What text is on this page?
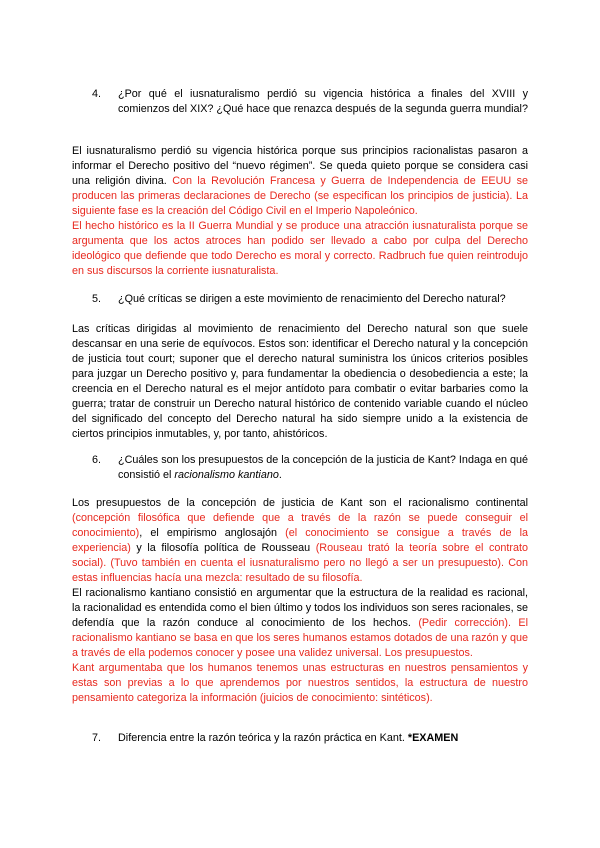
4. ¿Por qué el iusnaturalismo perdió su vigencia histórica a finales del XVIII y comienzos del XIX? ¿Qué hace que renazca después de la segunda guerra mundial?

El iusnaturalismo perdió su vigencia histórica porque sus principios racionalistas pasaron a informar el Derecho positivo del “nuevo régimen”. Se queda quieto porque se considera casi una religión divina. Con la Revolución Francesa y Guerra de Independencia de EEUU se producen las primeras declaraciones de Derecho (se especifican los principios de justicia). La siguiente fase es la creación del Código Civil en el Imperio Napoleónico.

El hecho histórico es la II Guerra Mundial y se produce una atracción iusnaturalista porque se argumenta que los actos atroces han podido ser llevado a cabo por culpa del Derecho ideológico que defiende que todo Derecho es moral y correcto. Radbruch fue quien reintrodujo en sus discursos la corriente iusnaturalista.

5. ¿Qué críticas se dirigen a este movimiento de renacimiento del Derecho natural?

Las críticas dirigidas al movimiento de renacimiento del Derecho natural son que suele descansar en una serie de equívocos. Estos son: identificar el Derecho natural y la concepción de justicia tout court; suponer que el derecho natural suministra los únicos criterios posibles para juzgar un Derecho positivo y, para fundamentar la obediencia o desobediencia a este; la creencia en el Derecho natural es el mejor antídoto para combatir o evitar barbaries como la guerra; tratar de construir un Derecho natural histórico de contenido variable cuando el núcleo del significado del concepto del Derecho natural ha sido siempre unido a la existencia de ciertos principios inmutables, y, por tanto, ahistóricos.

6. ¿Cuáles son los presupuestos de la concepción de la justicia de Kant? Indaga en qué consistió el racionalismo kantiano.

Los presupuestos de la concepción de justicia de Kant son el racionalismo continental (concepción filosófica que defiende que a través de la razón se puede conseguir el conocimiento), el empirismo anglosajón (el conocimiento se consigue a través de la experiencia) y la filosofía política de Rousseau (Rouseau trató la teoría sobre el contrato social). (Tuvo también en cuenta el iusnaturalismo pero no llegó a ser un presupuesto). Con estas influencias hacía una mezcla: resultado de su filosofía.

El racionalismo kantiano consistió en argumentar que la estructura de la realidad es racional, la racionalidad es entendida como el bien último y todos los individuos son seres racionales, se defendía que la razón conduce al conocimiento de los hechos. (Pedir corrección). El racionalismo kantiano se basa en que los seres humanos estamos dotados de una razón y que a través de ella podemos conocer y posee una validez universal. Los presupuestos.

Kant argumentaba que los humanos tenemos unas estructuras en nuestros pensamientos y estas son previas a lo que aprendemos por nuestros sentidos, la estructura de nuestro pensamiento categoriza la información (juicios de conocimiento: sintéticos).

7. Diferencia entre la razón teórica y la razón práctica en Kant. *EXAMEN
